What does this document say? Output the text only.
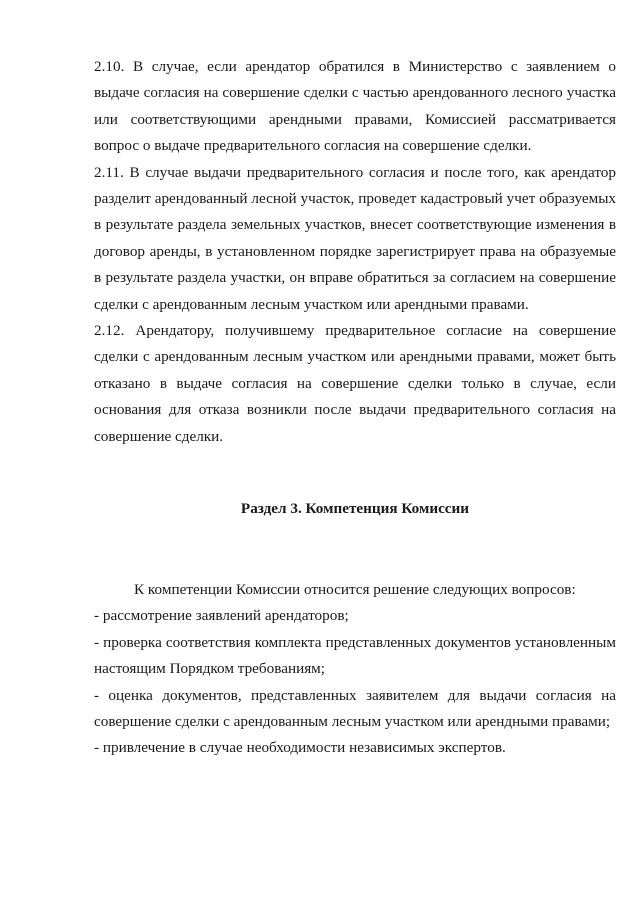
2.10. В случае, если арендатор обратился в Министерство с заявлением о выдаче согласия на совершение сделки с частью арендованного лесного участка или соответствующими арендными правами, Комиссией рассматривается вопрос о выдаче предварительного согласия на совершение сделки.

2.11. В случае выдачи предварительного согласия и после того, как арендатор разделит арендованный лесной участок, проведет кадастровый учет образуемых в результате раздела земельных участков, внесет соответствующие изменения в договор аренды, в установленном порядке зарегистрирует права на образуемые в результате раздела участки, он вправе обратиться за согласием на совершение сделки с арендованным лесным участком или арендными правами.

2.12. Арендатору, получившему предварительное согласие на совершение сделки с арендованным лесным участком или арендными правами, может быть отказано в выдаче согласия на совершение сделки только в случае, если основания для отказа возникли после выдачи предварительного согласия на совершение сделки.

Раздел 3. Компетенция Комиссии

К компетенции Комиссии относится решение следующих вопросов:

- рассмотрение заявлений арендаторов;

- проверка соответствия комплекта представленных документов установленным настоящим Порядком требованиям;

- оценка документов, представленных заявителем для выдачи согласия на совершение сделки с арендованным лесным участком или арендными правами;

- привлечение в случае необходимости независимых экспертов.
